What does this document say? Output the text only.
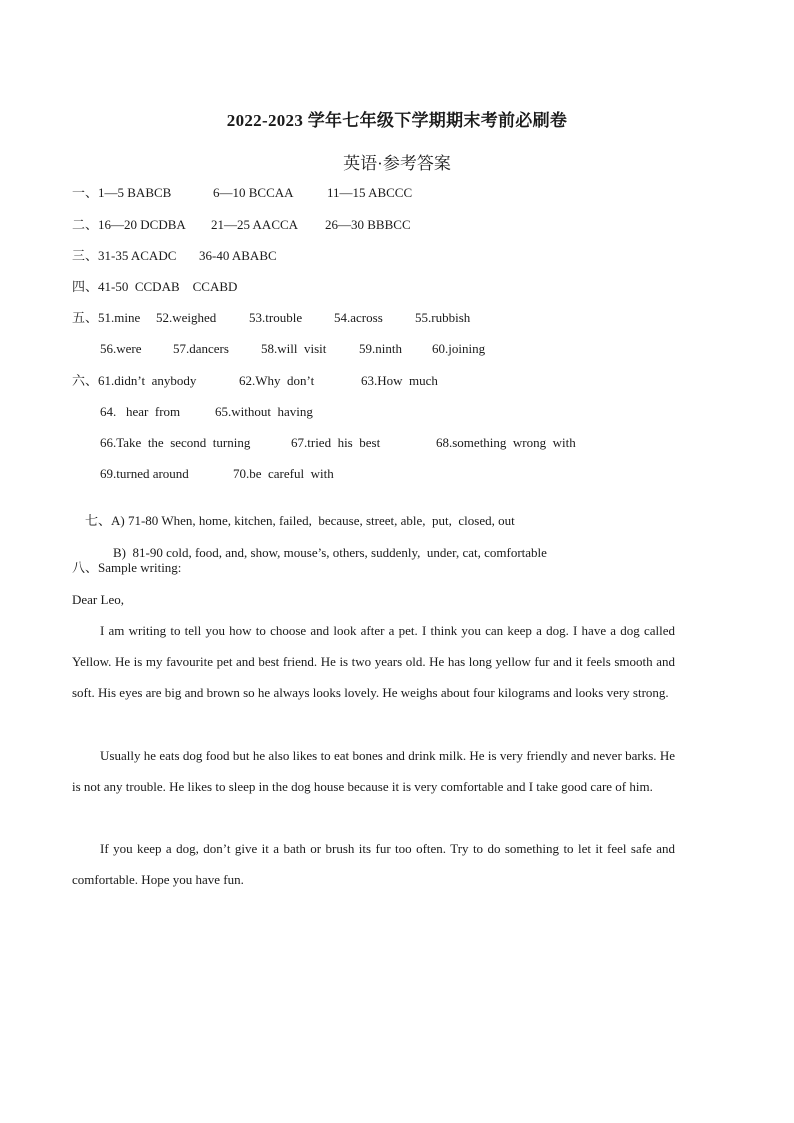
2022-2023 学年七年级下学期期末考前必刷卷
英语·参考答案
一、1—5 BABCB	6—10 BCCAA	11—15 ABCCC
二、16—20 DCDBA 21—25 AACCA 26—30 BBBCC
三、31-35 ACADC 36-40 ABABC
四、41-50  CCDAB    CCABD
五、51.mine 52.weighed	53.trouble 54.across 55.rubbish
56.were 57.dancers 58.will  visit	59.ninth 60.joining
六、61.didn’t  anybody	62.Why  don’t	63.How  much
64.   hear  from	65.without  having
66.Take  the  second  turning	67.tried  his  best	68.something  wrong  with
69.turned around	70.be  careful  with

七、A) 71-80 When, home, kitchen, failed,  because, street, able,  put,  closed, out

B)  81-90 cold, food, and, show, mouse’s, others, suddenly,  under, cat, comfortable

八、Sample writing:
Dear Leo,
I am writing to tell you how to choose and look after a pet. I think you can keep a dog. I have a dog called Yellow. He is my favourite pet and best friend. He is two years old. He has long yellow fur and it feels smooth and soft. His eyes are big and brown so he always looks lovely. He weighs about four kilograms and looks very strong.
Usually he eats dog food but he also likes to eat bones and drink milk. He is very friendly and never barks. He is not any trouble. He likes to sleep in the dog house because it is very comfortable and I take good care of him.
If you keep a dog, don’t give it a bath or brush its fur too often. Try to do something to let it feel safe and comfortable. Hope you have fun.
